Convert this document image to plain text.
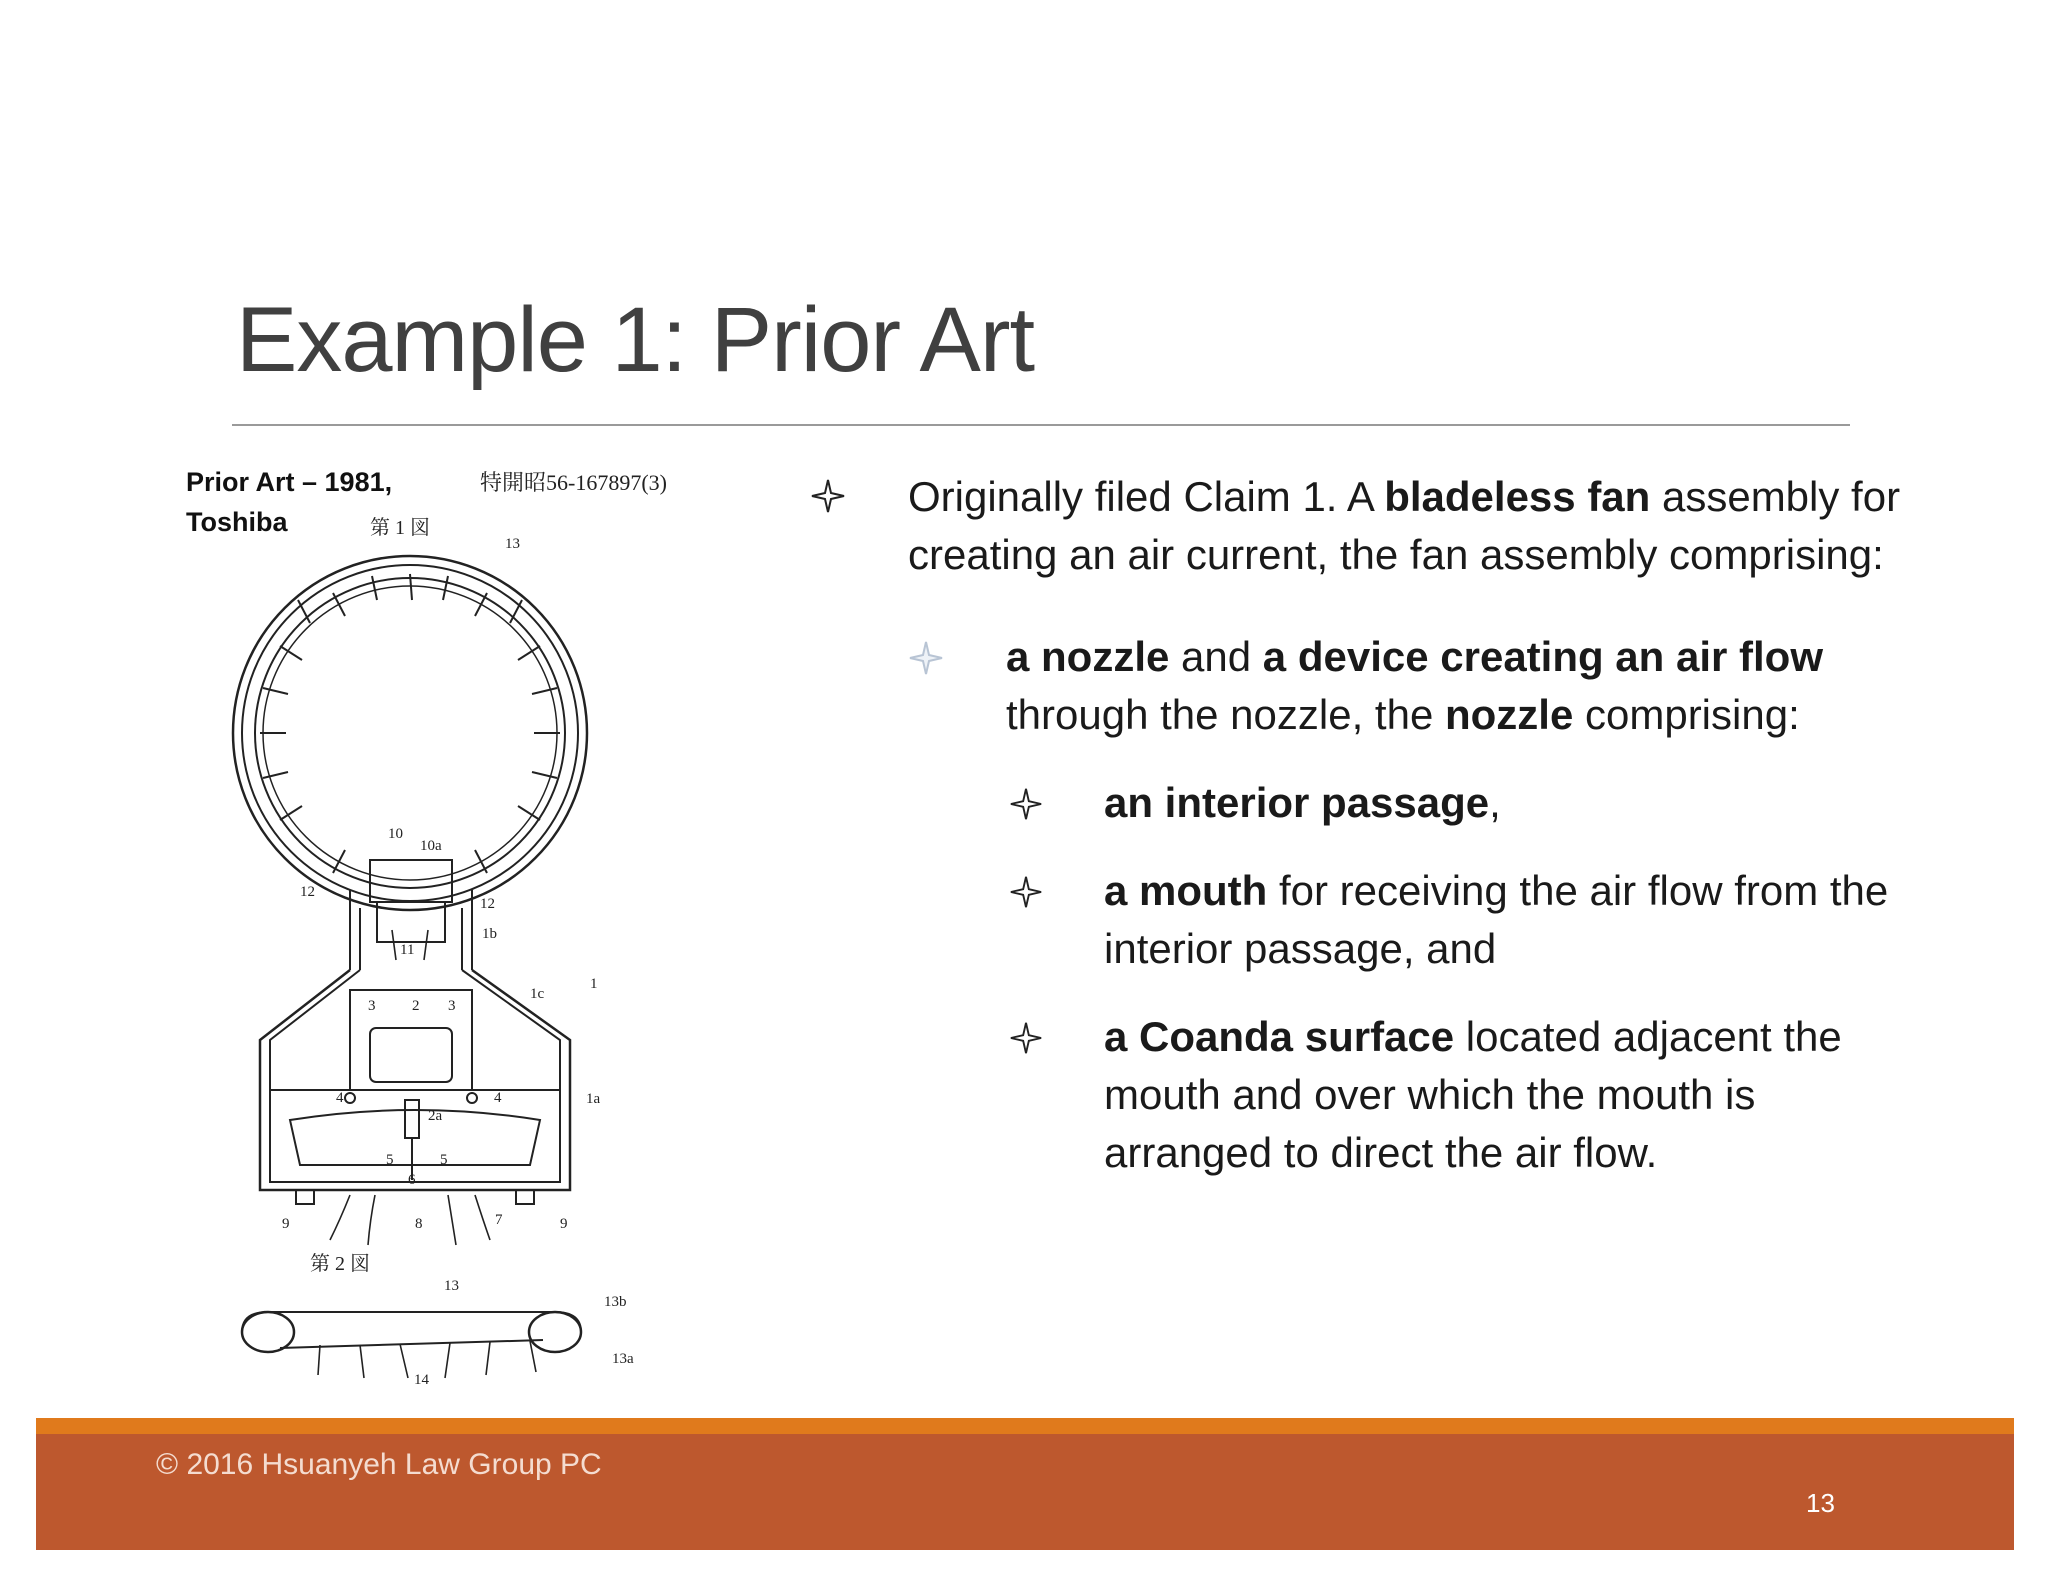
Example 1: Prior Art
Prior Art – 1981,
Toshiba
特開昭56-167897(3)
第 1 図
第 2 図
13
10
10a
12
12
1b
11
1c
1
3 2 3
4	4
2a
1a
5	5
6
9	8	7	9
13
13b
13a
14
Originally filed Claim 1. A bladeless fan assembly for creating an air current, the fan assembly comprising:
a nozzle and a device creating an air flow through the nozzle, the nozzle comprising:
an interior passage,
a mouth for receiving the air flow from the interior passage, and
a Coanda surface located adjacent the mouth and over which the mouth is arranged to direct the air flow.
© 2016 Hsuanyeh Law Group PC
13
